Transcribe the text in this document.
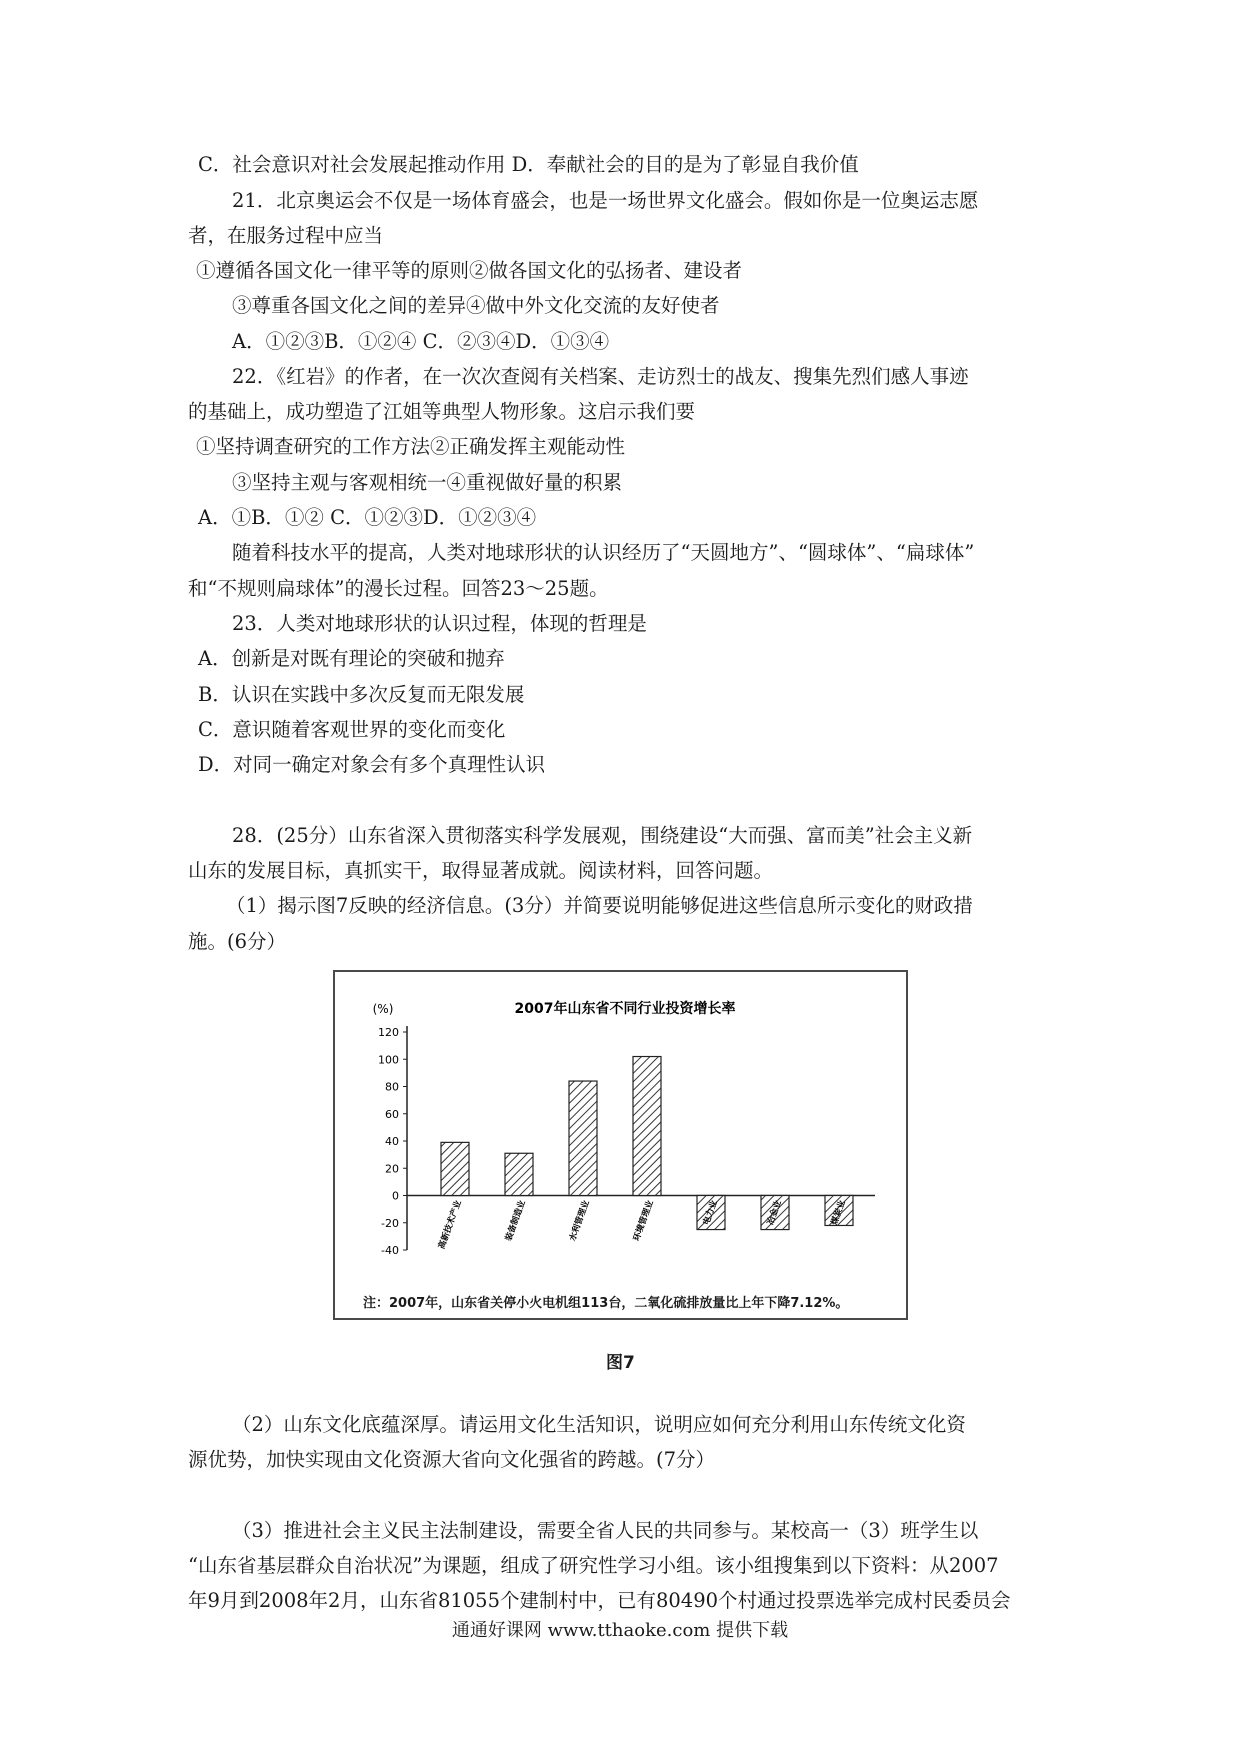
C．社会意识对社会发展起推动作用 D．奉献社会的目的是为了彰显自我价值
21．北京奥运会不仅是一场体育盛会，也是一场世界文化盛会。假如你是一位奥运志愿
者，在服务过程中应当
①遵循各国文化一律平等的原则②做各国文化的弘扬者、建设者
③尊重各国文化之间的差异④做中外文化交流的友好使者
A．①②③B．①②④ C．②③④D．①③④
22．《红岩》的作者，在一次次查阅有关档案、走访烈士的战友、搜集先烈们感人事迹
的基础上，成功塑造了江姐等典型人物形象。这启示我们要
①坚持调查研究的工作方法②正确发挥主观能动性
③坚持主观与客观相统一④重视做好量的积累
A．①B．①② C．①②③D．①②③④
随着科技水平的提高，人类对地球形状的认识经历了“天圆地方”、“圆球体”、“扁球体”
和“不规则扁球体”的漫长过程。回答23～25题。
23．人类对地球形状的认识过程，体现的哲理是
A．创新是对既有理论的突破和抛弃
B．认识在实践中多次反复而无限发展
C．意识随着客观世界的变化而变化
D．对同一确定对象会有多个真理性认识
28．(25分）山东省深入贯彻落实科学发展观，围绕建设“大而强、富而美”社会主义新
山东的发展目标，真抓实干，取得显著成就。阅读材料，回答问题。
（1）揭示图7反映的经济信息。(3分）并简要说明能够促进这些信息所示变化的财政措
施。(6分）
2007年山东省不同行业投资增长率
(%)
120
100
80
60
40
20
0
-20
-40
高新技术产业	装备制造业	水利管理业	环境管理业	电力业	冶金业	煤炭业
注：2007年，山东省关停小火电机组113台，二氧化硫排放量比上年下降7.12%。
图7
（2）山东文化底蕴深厚。请运用文化生活知识，说明应如何充分利用山东传统文化资
源优势，加快实现由文化资源大省向文化强省的跨越。(7分）
（3）推进社会主义民主法制建设，需要全省人民的共同参与。某校高一（3）班学生以
“山东省基层群众自治状况”为课题，组成了研究性学习小组。该小组搜集到以下资料：从2007
年9月到2008年2月，山东省81055个建制村中，已有80490个村通过投票选举完成村民委员会
通通好课网 www.tthaoke.com 提供下载
